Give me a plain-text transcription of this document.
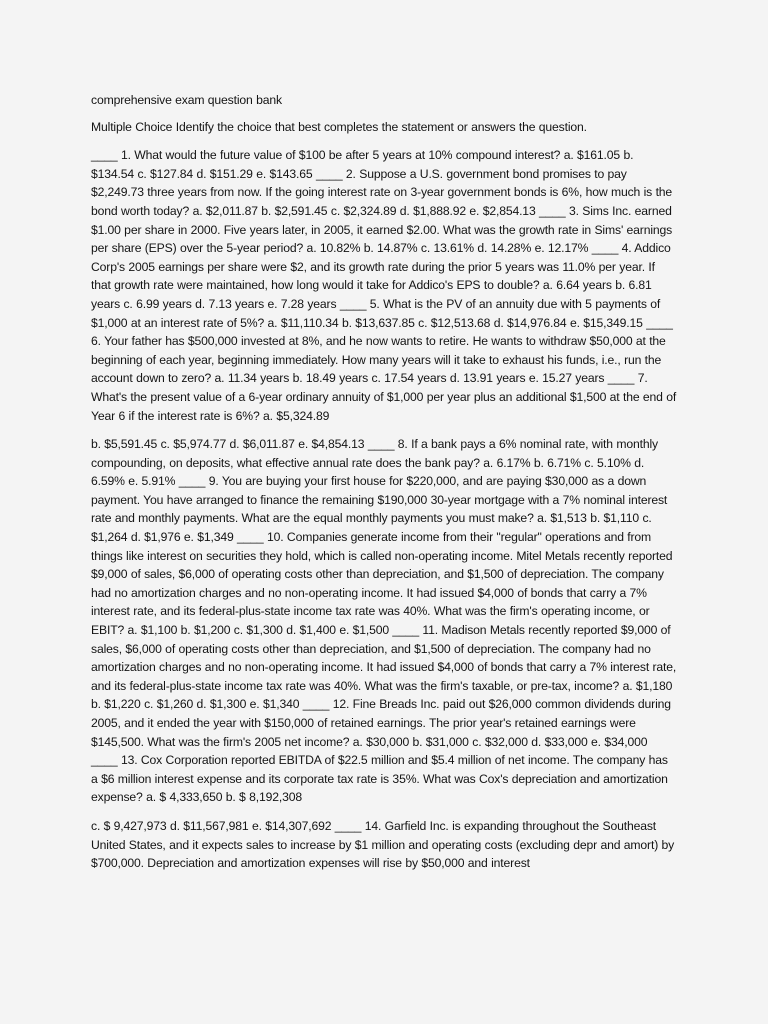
comprehensive exam question bank

Multiple Choice Identify the choice that best completes the statement or answers the question.

____ 1. What would the future value of $100 be after 5 years at 10% compound interest? a. $161.05 b. $134.54 c. $127.84 d. $151.29 e. $143.65 ____ 2. Suppose a U.S. government bond promises to pay $2,249.73 three years from now. If the going interest rate on 3-year government bonds is 6%, how much is the bond worth today? a. $2,011.87 b. $2,591.45 c. $2,324.89 d. $1,888.92 e. $2,854.13 ____ 3. Sims Inc. earned $1.00 per share in 2000. Five years later, in 2005, it earned $2.00. What was the growth rate in Sims' earnings per share (EPS) over the 5-year period? a. 10.82% b. 14.87% c. 13.61% d. 14.28% e. 12.17% ____ 4. Addico Corp's 2005 earnings per share were $2, and its growth rate during the prior 5 years was 11.0% per year. If that growth rate were maintained, how long would it take for Addico's EPS to double? a. 6.64 years b. 6.81 years c. 6.99 years d. 7.13 years e. 7.28 years ____ 5. What is the PV of an annuity due with 5 payments of $1,000 at an interest rate of 5%? a. $11,110.34 b. $13,637.85 c. $12,513.68 d. $14,976.84 e. $15,349.15 ____ 6. Your father has $500,000 invested at 8%, and he now wants to retire. He wants to withdraw $50,000 at the beginning of each year, beginning immediately. How many years will it take to exhaust his funds, i.e., run the account down to zero? a. 11.34 years b. 18.49 years c. 17.54 years d. 13.91 years e. 15.27 years ____ 7. What's the present value of a 6-year ordinary annuity of $1,000 per year plus an additional $1,500 at the end of Year 6 if the interest rate is 6%? a. $5,324.89

b. $5,591.45 c. $5,974.77 d. $6,011.87 e. $4,854.13 ____ 8. If a bank pays a 6% nominal rate, with monthly compounding, on deposits, what effective annual rate does the bank pay? a. 6.17% b. 6.71% c. 5.10% d. 6.59% e. 5.91% ____ 9. You are buying your first house for $220,000, and are paying $30,000 as a down payment. You have arranged to finance the remaining $190,000 30-year mortgage with a 7% nominal interest rate and monthly payments. What are the equal monthly payments you must make? a. $1,513 b. $1,110 c. $1,264 d. $1,976 e. $1,349 ____ 10. Companies generate income from their "regular" operations and from things like interest on securities they hold, which is called non-operating income. Mitel Metals recently reported $9,000 of sales, $6,000 of operating costs other than depreciation, and $1,500 of depreciation. The company had no amortization charges and no non-operating income. It had issued $4,000 of bonds that carry a 7% interest rate, and its federal-plus-state income tax rate was 40%. What was the firm's operating income, or EBIT? a. $1,100 b. $1,200 c. $1,300 d. $1,400 e. $1,500 ____ 11. Madison Metals recently reported $9,000 of sales, $6,000 of operating costs other than depreciation, and $1,500 of depreciation. The company had no amortization charges and no non-operating income. It had issued $4,000 of bonds that carry a 7% interest rate, and its federal-plus-state income tax rate was 40%. What was the firm's taxable, or pre-tax, income? a. $1,180 b. $1,220 c. $1,260 d. $1,300 e. $1,340 ____ 12. Fine Breads Inc. paid out $26,000 common dividends during 2005, and it ended the year with $150,000 of retained earnings. The prior year's retained earnings were $145,500. What was the firm's 2005 net income? a. $30,000 b. $31,000 c. $32,000 d. $33,000 e. $34,000 ____ 13. Cox Corporation reported EBITDA of $22.5 million and $5.4 million of net income. The company has a $6 million interest expense and its corporate tax rate is 35%. What was Cox's depreciation and amortization expense? a. $ 4,333,650 b. $ 8,192,308

c. $ 9,427,973 d. $11,567,981 e. $14,307,692 ____ 14. Garfield Inc. is expanding throughout the Southeast United States, and it expects sales to increase by $1 million and operating costs (excluding depr and amort) by $700,000. Depreciation and amortization expenses will rise by $50,000 and interest
